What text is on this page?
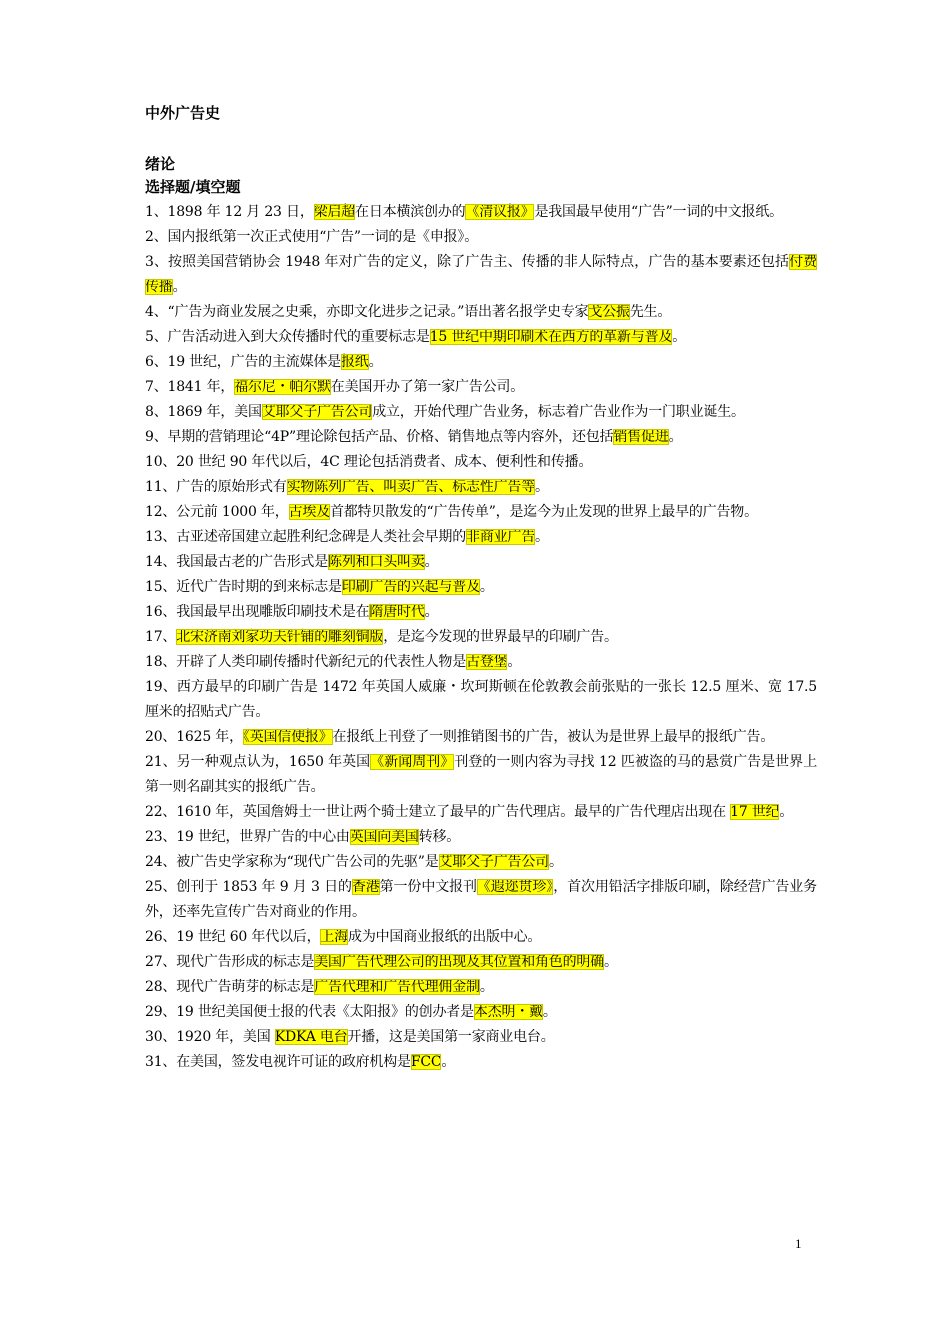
中外广告史
绪论
选择题/填空题
1、1898 年 12 月 23 日，梁启超在日本横滨创办的《清议报》是我国最早使用“广告”一词的中文报纸。
2、国内报纸第一次正式使用“广告”一词的是《申报》。
3、按照美国营销协会 1948 年对广告的定义，除了广告主、传播的非人际特点，广告的基本要素还包括付费传播。
4、“广告为商业发展之史乘，亦即文化进步之记录。”语出著名报学史专家戈公振先生。
5、广告活动进入到大众传播时代的重要标志是15 世纪中期印刷术在西方的革新与普及。
6、19 世纪，广告的主流媒体是报纸。
7、1841 年，福尔尼・帕尔默在美国开办了第一家广告公司。
8、1869 年，美国艾耶父子广告公司成立，开始代理广告业务，标志着广告业作为一门职业诞生。
9、早期的营销理论“4P”理论除包括产品、价格、销售地点等内容外，还包括销售促进。
10、20 世纪 90 年代以后，4C 理论包括消费者、成本、便利性和传播。
11、广告的原始形式有实物陈列广告、叫卖广告、标志性广告等。
12、公元前 1000 年，古埃及首都特贝散发的“广告传单”，是迄今为止发现的世界上最早的广告物。
13、古亚述帝国建立起胜利纪念碑是人类社会早期的非商业广告。
14、我国最古老的广告形式是陈列和口头叫卖。
15、近代广告时期的到来标志是印刷广告的兴起与普及。
16、我国最早出现雕版印刷技术是在隋唐时代。
17、北宋济南刘家功夫针铺的雕刻铜版，是迄今发现的世界最早的印刷广告。
18、开辟了人类印刷传播时代新纪元的代表性人物是古登堡。
19、西方最早的印刷广告是 1472 年英国人威廉・坎珂斯顿在伦敦教会前张贴的一张长 12.5 厘米、宽 17.5 厘米的招贴式广告。
20、1625 年，《英国信使报》在报纸上刊登了一则推销图书的广告，被认为是世界上最早的报纸广告。
21、另一种观点认为，1650 年英国《新闻周刊》刊登的一则内容为寻找 12 匹被盗的马的悬赏广告是世界上第一则名副其实的报纸广告。
22、1610 年，英国詹姆士一世让两个骑士建立了最早的广告代理店。最早的广告代理店出现在 17 世纪。
23、19 世纪，世界广告的中心由英国向美国转移。
24、被广告史学家称为“现代广告公司的先驱”是艾耶父子广告公司。
25、创刊于 1853 年 9 月 3 日的香港第一份中文报刊《遐迩贯珍》，首次用铅活字排版印刷，除经营广告业务外，还率先宣传广告对商业的作用。
26、19 世纪 60 年代以后，上海成为中国商业报纸的出版中心。
27、现代广告形成的标志是美国广告代理公司的出现及其位置和角色的明确。
28、现代广告萌芽的标志是广告代理和广告代理佣金制。
29、19 世纪美国便士报的代表《太阳报》的创办者是本杰明・戴。
30、1920 年，美国 KDKA 电台开播，这是美国第一家商业电台。
31、在美国，签发电视许可证的政府机构是FCC。
1
